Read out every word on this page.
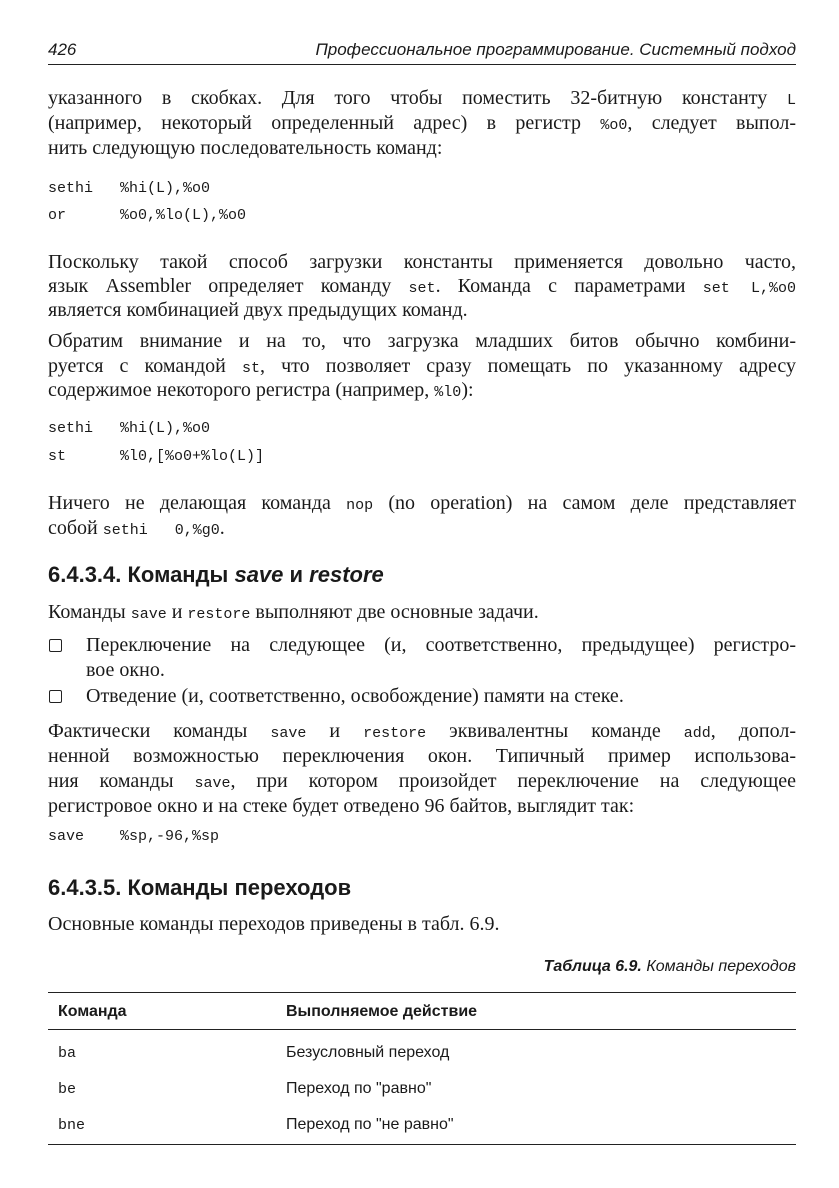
426	Профессиональное программирование. Системный подход
указанного в скобках. Для того чтобы поместить 32-битную константу L
(например, некоторый определенный адрес) в регистр %o0, следует выпол-
нить следующую последовательность команд:
sethi %hi(L),%o0
or	%o0,%lo(L),%o0
Поскольку такой способ загрузки константы применяется довольно часто,
язык Assembler определяет команду set. Команда с параметрами set L,%o0
является комбинацией двух предыдущих команд.
Обратим внимание и на то, что загрузка младших битов обычно комбини-
руется с командой st, что позволяет сразу помещать по указанному адресу
содержимое некоторого регистра (например, %l0):
sethi %hi(L),%o0
st	%l0,[%o0+%lo(L)]
Ничего не делающая команда nop (no operation) на самом деле представляет
собой sethi   0,%g0.
6.4.3.4. Команды save и restore
Команды save и restore выполняют две основные задачи.
Переключение на следующее (и, соответственно, предыдущее) регистро-
вое окно.
Отведение (и, соответственно, освобождение) памяти на стеке.
Фактически команды save и restore эквивалентны команде add, допол-
ненной возможностью переключения окон. Типичный пример использова-
ния команды save, при котором произойдет переключение на следующее
регистровое окно и на стеке будет отведено 96 байтов, выглядит так:
save %sp,-96,%sp
6.4.3.5. Команды переходов
Основные команды переходов приведены в табл. 6.9.
Таблица 6.9. Команды переходов
Команда	Выполняемое действие
ba	Безусловный переход
be	Переход по "равно"
bne	Переход по "не равно"
